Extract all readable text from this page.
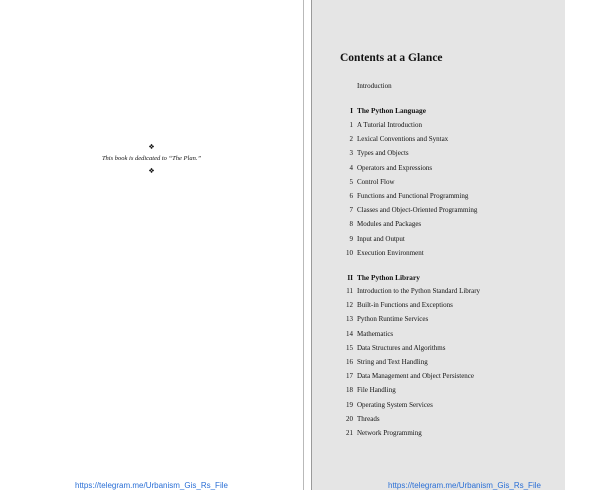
❖
This book is dedicated to “The Plan.”
❖
Contents at a Glance
Introduction
I The Python Language
1 A Tutorial Introduction
2 Lexical Conventions and Syntax
3 Types and Objects
4 Operators and Expressions
5 Control Flow
6 Functions and Functional Programming
7 Classes and Object-Oriented Programming
8 Modules and Packages
9 Input and Output
10 Execution Environment
II The Python Library
11 Introduction to the Python Standard Library
12 Built-in Functions and Exceptions
13 Python Runtime Services
14 Mathematics
15 Data Structures and Algorithms
16 String and Text Handling
17 Data Management and Object Persistence
18 File Handling
19 Operating System Services
20 Threads
21 Network Programming
https://telegram.me/Urbanism_Gis_Rs_File	https://telegram.me/Urbanism_Gis_Rs_File
